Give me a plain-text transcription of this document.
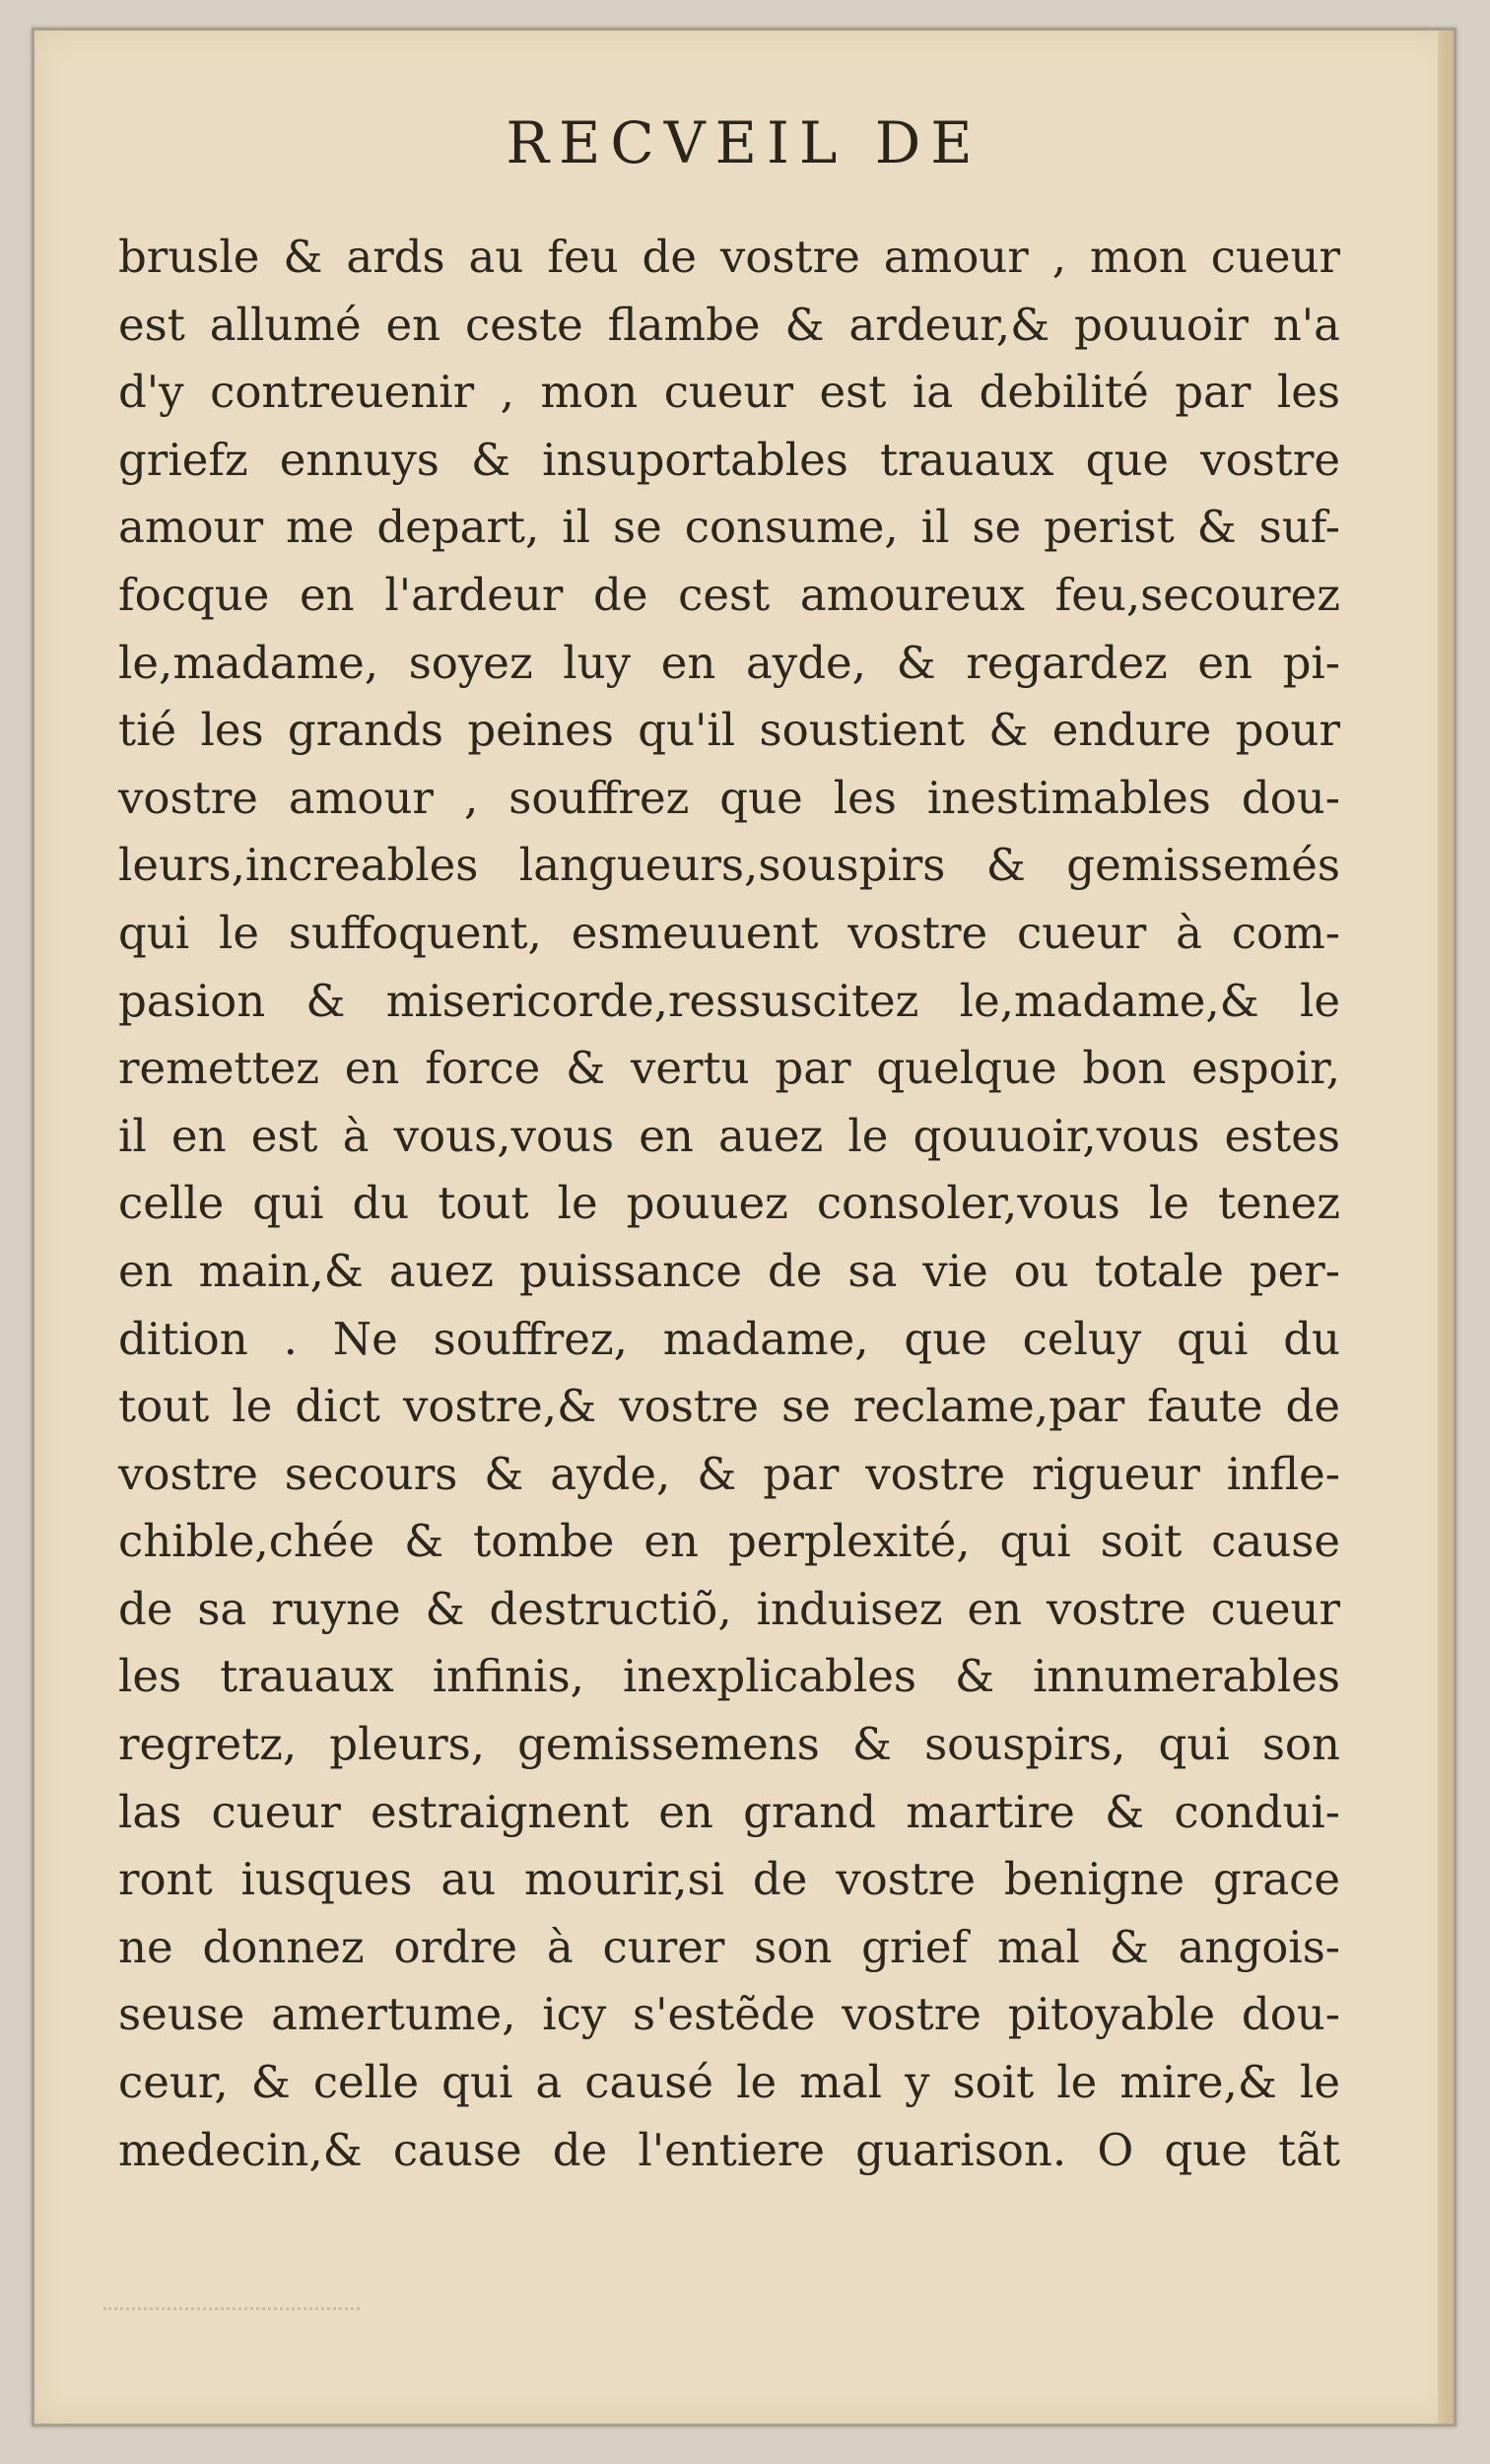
RECVEIL DE
brusle & ards au feu de vostre amour , mon cueur
est allumé en ceste flambe & ardeur,& pouuoir n'a
d'y contreuenir , mon cueur est ia debilité par les
griefz ennuys & insuportables trauaux que vostre
amour me depart, il se consume, il se perist & suf-
focque en l'ardeur de cest amoureux feu,secourez
le,madame, soyez luy en ayde, & regardez en pi-
tié les grands peines qu'il soustient & endure pour
vostre amour , souffrez que les inestimables dou-
leurs,increables langueurs,souspirs & gemissemés
qui le suffoquent, esmeuuent vostre cueur à com-
pasion & misericorde,ressuscitez le,madame,& le
remettez en force & vertu par quelque bon espoir,
il en est à vous,vous en auez le qouuoir,vous estes
celle qui du tout le pouuez consoler,vous le tenez
en main,& auez puissance de sa vie ou totale per-
dition . Ne souffrez, madame, que celuy qui du
tout le dict vostre,& vostre se reclame,par faute de
vostre secours & ayde, & par vostre rigueur infle-
chible,chée & tombe en perplexité, qui soit cause
de sa ruyne & destructiõ, induisez en vostre cueur
les trauaux infinis, inexplicables & innumerables
regretz, pleurs, gemissemens & souspirs, qui son
las cueur estraignent en grand martire & condui-
ront iusques au mourir,si de vostre benigne grace
ne donnez ordre à curer son grief mal & angois-
seuse amertume, icy s'estẽde vostre pitoyable dou-
ceur, & celle qui a causé le mal y soit le mire,& le
medecin,& cause de l'entiere guarison. O que tãt
